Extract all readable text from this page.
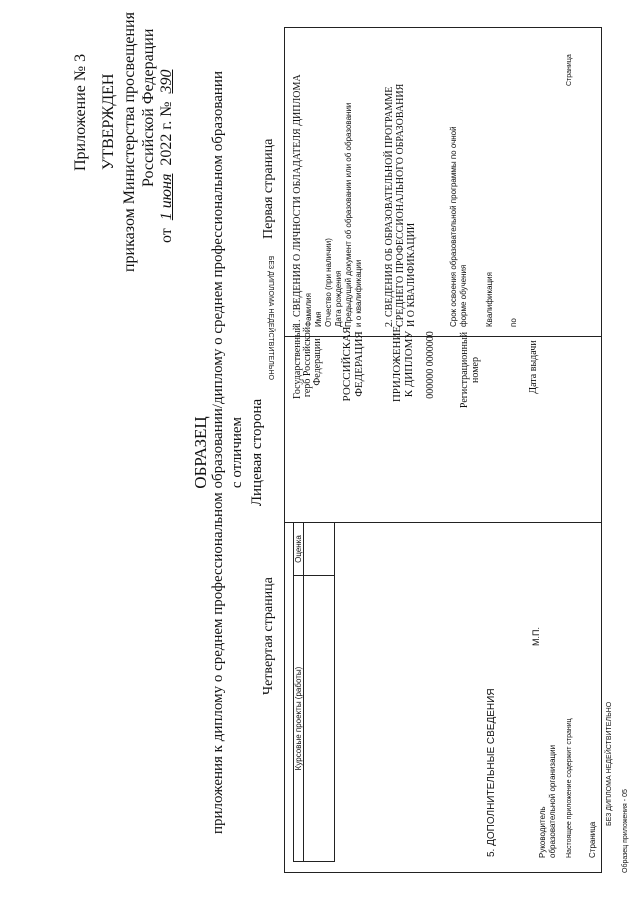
Приложение № 3 УТВЕРЖДЕН приказом Министерства просвещения Российской Федерации
от 1 июня 2022 г. № 390
ОБРАЗЕЦ приложения к диплому о среднем профессиональном образовании/диплому о среднем профессиональном образовании с отличием Лицевая сторона
Четвертая страница
Первая страница
БЕЗ ДИПЛОМА НЕДЕЙСТВИТЕЛЬНО
Курсовые проекты (работы)	Оценка

5. ДОПОЛНИТЕЛЬНЫЕ СВЕДЕНИЯ
М.П.
Руководитель образовательной организации Настоящее приложение содержит страниц Страница
Государственный герб Российской Федерации РОССИЙСКАЯ ФЕДЕРАЦИЯ ПРИЛОЖЕНИЕ К ДИПЛОМУ 000000 0000000 Регистрационный номер	Дата выдачи
1. СВЕДЕНИЯ О ЛИЧНОСТИ ОБЛАДАТЕЛЯ ДИПЛОМА Фамилия Имя Отчество (при наличии) Дата рождения Предыдущий документ об образовании или об образовании и о квалификации 2. СВЕДЕНИЯ ОБ ОБРАЗОВАТЕЛЬНОЙ ПРОГРАММЕ СРЕДНЕГО ПРОФЕССИОНАЛЬНОГО ОБРАЗОВАНИЯ И О КВАЛИФИКАЦИИ	Срок освоения образовательной программы по очной форме обучения Квалификация по
Страница
БЕЗ ДИПЛОМА НЕДЕЙСТВИТЕЛЬНО
Образец приложения - 05
